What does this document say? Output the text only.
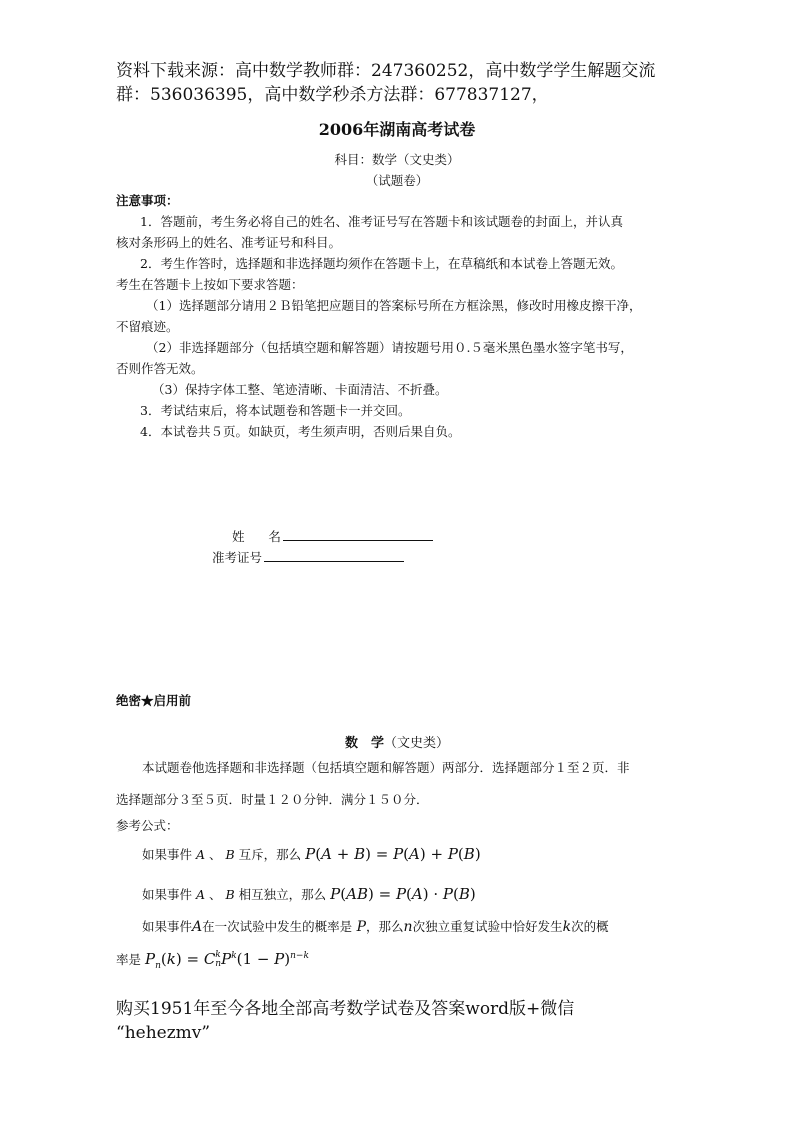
资料下载来源：高中数学教师群：247360252，高中数学学生解题交流
群：536036395，高中数学秒杀方法群：677837127，
2006年湖南高考试卷
科目：数学（文史类）
（试题卷）
注意事项：
1．答题前，考生务必将自己的姓名、准考证号写在答题卡和该试题卷的封面上，并认真
核对条形码上的姓名、准考证号和科目。
2．考生作答时，选择题和非选择题均须作在答题卡上，在草稿纸和本试卷上答题无效。
考生在答题卡上按如下要求答题：
（1）选择题部分请用２Ｂ铅笔把应题目的答案标号所在方框涂黑，修改时用橡皮擦干净，
不留痕迹。
（2）非选择题部分（包括填空题和解答题）请按题号用０.５毫米黑色墨水签字笔书写，
否则作答无效。
（3）保持字体工整、笔迹清晰、卡面清洁、不折叠。
3．考试结束后，将本试题卷和答题卡一并交回。
4．本试卷共５页。如缺页，考生须声明，否则后果自负。
姓      名
准考证号
绝密★启用前
数　学（文史类）
本试题卷他选择题和非选择题（包括填空题和解答题）两部分．选择题部分１至２页．非
选择题部分３至５页．时量１２０分钟．满分１５０分．
参考公式：
如果事件 A 、 B 互斥，那么 P(A + B) = P(A) + P(B)
如果事件 A 、 B 相互独立，那么 P(AB) = P(A) · P(B)
如果事件A在一次试验中发生的概率是 P，那么n次独立重复试验中恰好发生k次的概
率是 $P_n(k) = Ck$
$nP^k(1 - P)^{n-k}$
购买1951年至今各地全部高考数学试卷及答案word版+微信
“hehezmv”
